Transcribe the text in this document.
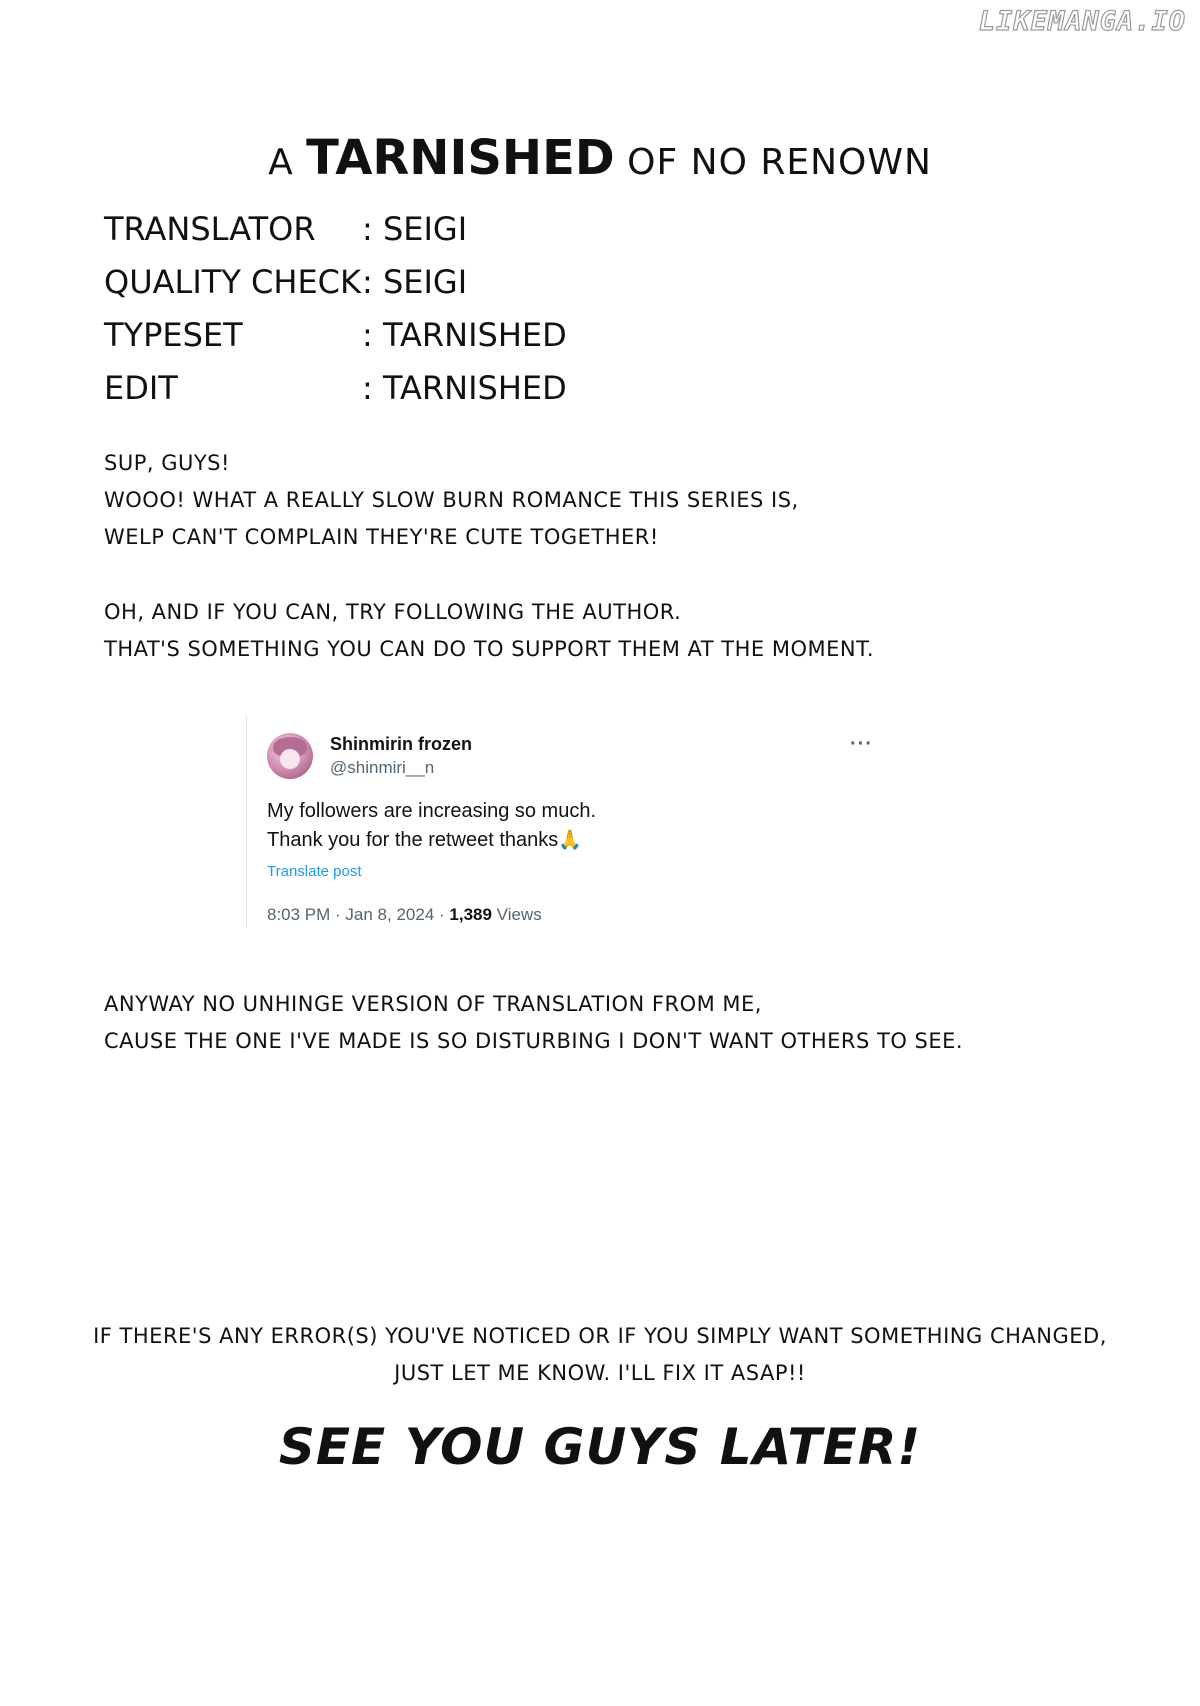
LIKEMANGA.IO
A TARNISHED OF NO RENOWN
TRANSLATOR	: SEIGI
QUALITY CHECK : SEIGI
TYPESET	: TARNISHED
EDIT	: TARNISHED
SUP, GUYS!
WOOO! WHAT A REALLY SLOW BURN ROMANCE THIS SERIES IS,
WELP CAN'T COMPLAIN THEY'RE CUTE TOGETHER!
OH, AND IF YOU CAN, TRY FOLLOWING THE AUTHOR.
THAT'S SOMETHING YOU CAN DO TO SUPPORT THEM AT THE MOMENT.
Shinmirin frozen
@shinmiri__n
···
My followers are increasing so much.
Thank you for the retweet thanks🙏
Translate post
8:03 PM · Jan 8, 2024 · 1,389 Views
ANYWAY NO UNHINGE VERSION OF TRANSLATION FROM ME,
CAUSE THE ONE I'VE MADE IS SO DISTURBING I DON'T WANT OTHERS TO SEE.
IF THERE'S ANY ERROR(S) YOU'VE NOTICED OR IF YOU SIMPLY WANT SOMETHING CHANGED,
JUST LET ME KNOW. I'LL FIX IT ASAP!!
SEE YOU GUYS LATER!
